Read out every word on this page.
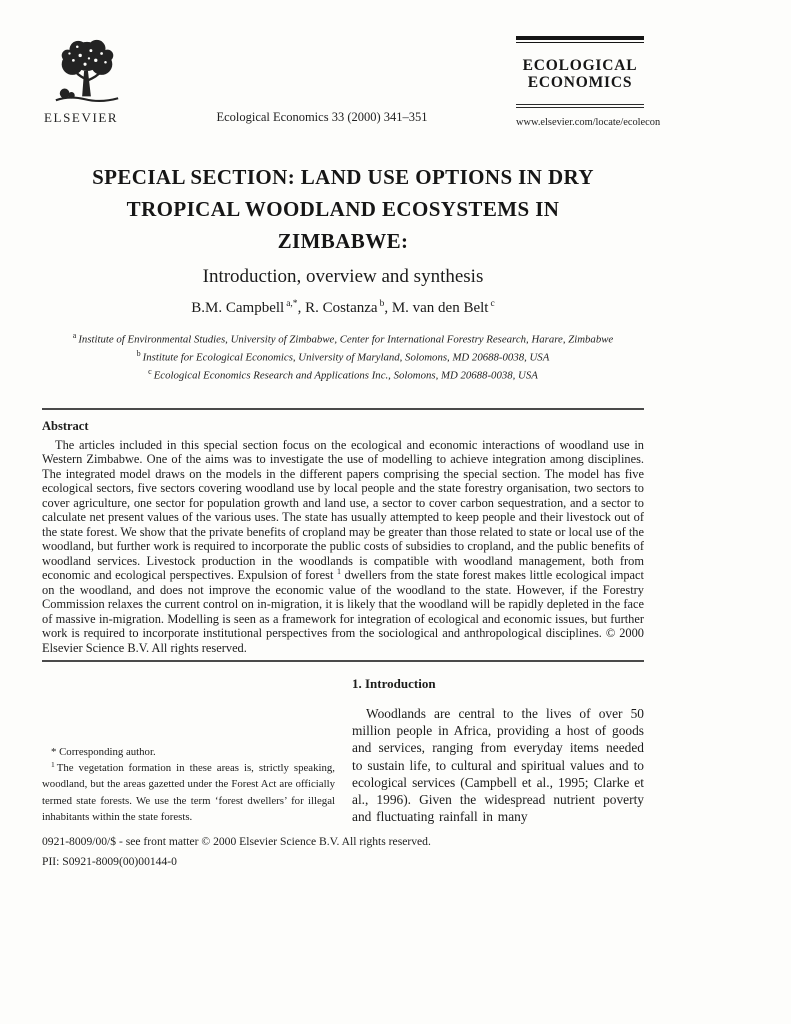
ELSEVIER	Ecological Economics 33 (2000) 341–351
ECOLOGICAL
ECONOMICS
www.elsevier.com/locate/ecolecon
SPECIAL SECTION: LAND USE OPTIONS IN DRY
TROPICAL WOODLAND ECOSYSTEMS IN
ZIMBABWE:
Introduction, overview and synthesis
B.M. Campbell $^{a,*}$, R. Costanza $^b$, M. van den Belt $^c$
$^a$ Institute of Environmental Studies, University of Zimbabwe, Center for International Forestry Research, Harare, Zimbabwe
$^b$ Institute for Ecological Economics, University of Maryland, Solomons, MD 20688-0038, USA
$^c$ Ecological Economics Research and Applications Inc., Solomons, MD 20688-0038, USA
Abstract

The articles included in this special section focus on the ecological and economic interactions of woodland use in Western Zimbabwe. One of the aims was to investigate the use of modelling to achieve integration among disciplines. The integrated model draws on the models in the different papers comprising the special section. The model has five ecological sectors, five sectors covering woodland use by local people and the state forestry organisation, two sectors to cover agriculture, one sector for population growth and land use, a sector to cover carbon sequestration, and a sector to calculate net present values of the various uses. The state has usually attempted to keep people and their livestock out of the state forest. We show that the private benefits of cropland may be greater than those related to state or local use of the woodland, but further work is required to incorporate the public costs of subsidies to cropland, and the public benefits of woodland services. Livestock production in the woodlands is compatible with woodland management, both from economic and ecological perspectives. Expulsion of forest $^1$ dwellers from the state forest makes little ecological impact on the woodland, and does not improve the economic value of the woodland to the state. However, if the Forestry Commission relaxes the current control on in-migration, it is likely that the woodland will be rapidly depleted in the face of massive in-migration. Modelling is seen as a framework for integration of ecological and economic issues, but further work is required to incorporate institutional perspectives from the sociological and anthropological disciplines. © 2000 Elsevier Science B.V. All rights reserved.

* Corresponding author.

$^1$ The vegetation formation in these areas is, strictly speaking, woodland, but the areas gazetted under the Forest Act are officially termed state forests. We use the term ‘forest dwellers’ for illegal inhabitants within the state forests.

1. Introduction

Woodlands are central to the lives of over 50 million people in Africa, providing a host of goods and services, ranging from everyday items needed to sustain life, to cultural and spiritual values and to ecological services (Campbell et al., 1995; Clarke et al., 1996). Given the widespread nutrient poverty and fluctuating rainfall in many

0921-8009/00/$ - see front matter © 2000 Elsevier Science B.V. All rights reserved.
PII: S0921-8009(00)00144-0
